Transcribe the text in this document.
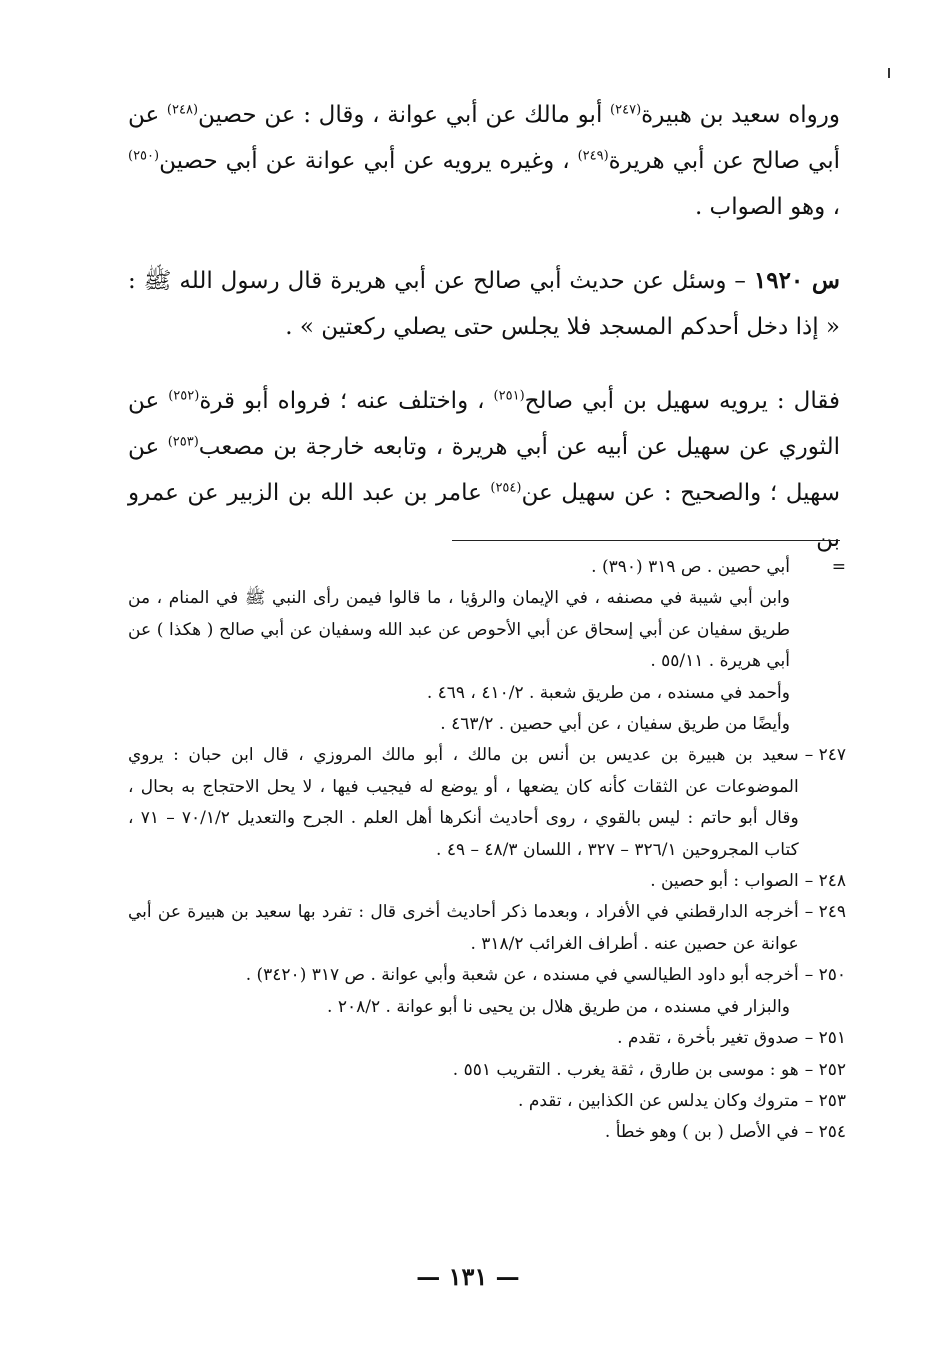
ورواه سعيد بن هبيرة$^{(٢٤٧)}$ أبو مالك عن أبي عوانة ، وقال : عن حصين$^{(٢٤٨)}$ عن أبي صالح عن أبي هريرة$^{(٢٤٩)}$ ، وغيره يرويه عن أبي عوانة عن أبي حصين$^{(٢٥٠)}$ ، وهو الصواب .

س ١٩٢٠ – وسئل عن حديث أبي صالح عن أبي هريرة قال رسول الله ﷺ : « إذا دخل أحدكم المسجد فلا يجلس حتى يصلي ركعتين » .

فقال : يرويه سهيل بن أبي صالح$^{(٢٥١)}$ ، واختلف عنه ؛ فرواه أبو قرة$^{(٢٥٢)}$ عن الثوري عن سهيل عن أبيه عن أبي هريرة ، وتابعه خارجة بن مصعب$^{(٢٥٣)}$ عن سهيل ؛ والصحيح : عن سهيل عن$^{(٢٥٤)}$ عامر بن عبد الله بن الزبير عن عمرو بن

=
أبي حصين . ص ٣١٩ (٣٩٠) .
وابن أبي شيبة في مصنفه ، في الإيمان والرؤيا ، ما قالوا فيمن رأى النبي ﷺ في المنام ، من طريق سفيان عن أبي إسحاق عن أبي الأحوص عن عبد الله وسفيان عن أبي صالح ( هكذا ) عن أبي هريرة . ٥٥/١١ .
وأحمد في مسنده ، من طريق شعبة . ٤١٠/٢ ، ٤٦٩ .
وأيضًا من طريق سفيان ، عن أبي حصين . ٤٦٣/٢ .
٢٤٧ –
سعيد بن هبيرة بن عديس بن أنس بن مالك ، أبو مالك المروزي ، قال ابن حبان : يروي الموضوعات عن الثقات كأنه كان يضعها ، أو يوضع له فيجيب فيها ، لا يحل الاحتجاج به بحال ، وقال أبو حاتم : ليس بالقوي ، روى أحاديث أنكرها أهل العلم . الجرح والتعديل ٧٠/١/٢ – ٧١ ، كتاب المجروحين ٣٢٦/١ – ٣٢٧ ، اللسان ٤٨/٣ – ٤٩ .
٢٤٨ –
الصواب : أبو حصين .
٢٤٩ –
أخرجه الدارقطني في الأفراد ، وبعدما ذكر أحاديث أخرى قال : تفرد بها سعيد بن هبيرة عن أبي عوانة عن حصين عنه . أطراف الغرائب ٣١٨/٢ .
٢٥٠ –
أخرجه أبو داود الطيالسي في مسنده ، عن شعبة وأبي عوانة . ص ٣١٧ (٣٤٢٠) .
والبزار في مسنده ، من طريق هلال بن يحيى نا أبو عوانة . ٢٠٨/٢ .
٢٥١ –
صدوق تغير بأخرة ، تقدم .
٢٥٢ –
هو : موسى بن طارق ، ثقة يغرب . التقريب ٥٥١ .
٢٥٣ –
متروك وكان يدلس عن الكذابين ، تقدم .
٢٥٤ –
في الأصل ( بن ) وهو خطأ .
— ١٣١ —
